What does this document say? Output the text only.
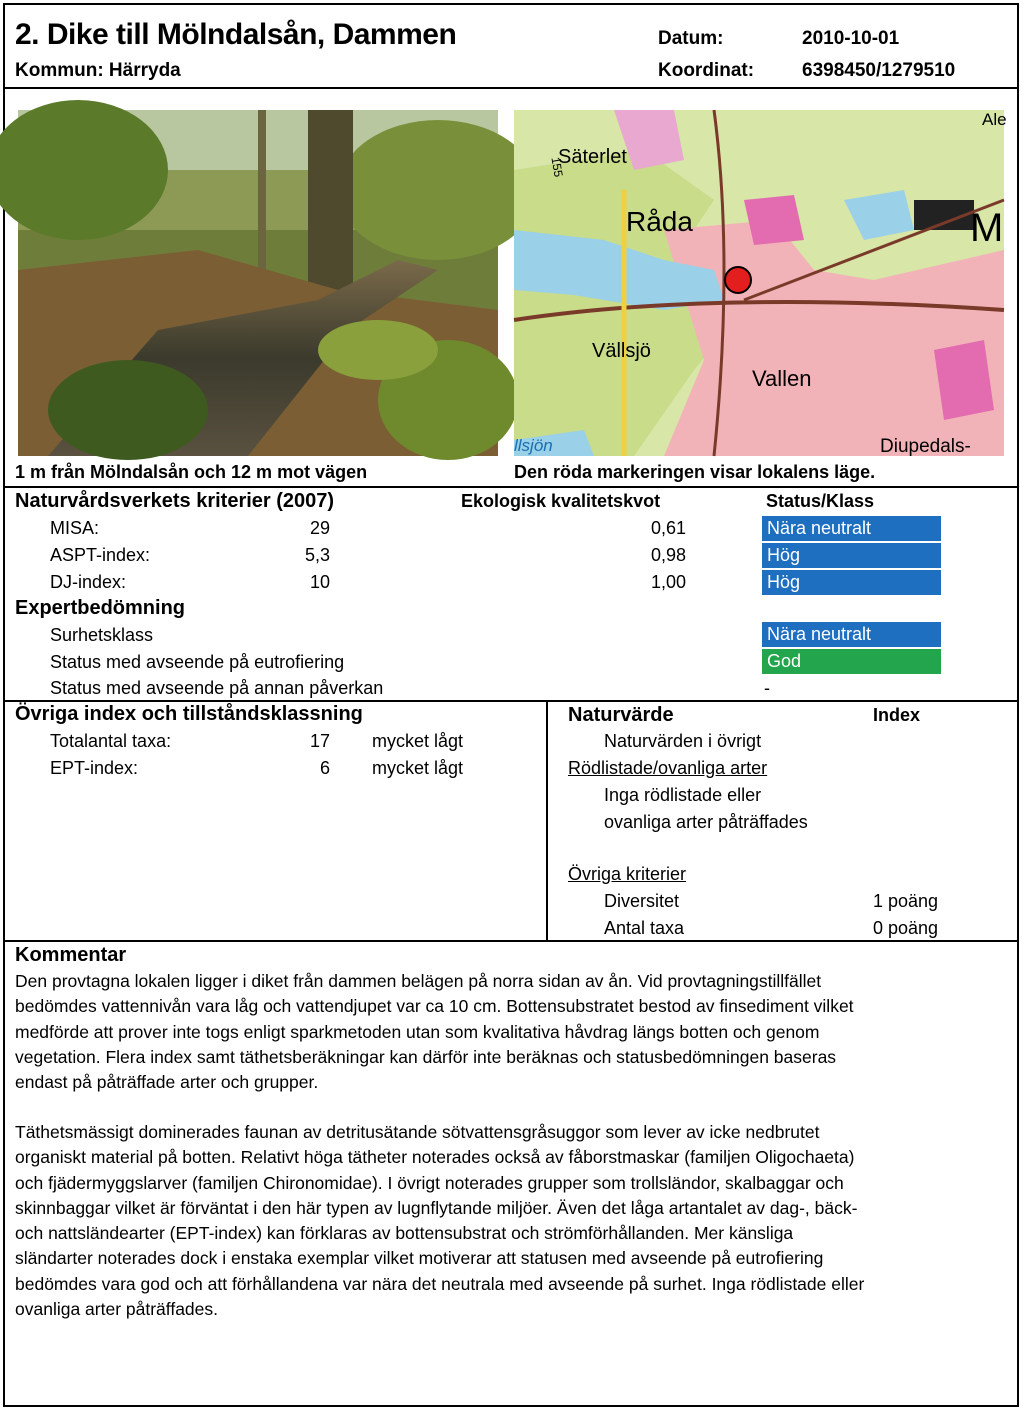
2. Dike till Mölndalsån, Dammen
Kommun: Härryda
Datum:	2010-10-01
Koordinat:	6398450/1279510
1 m från Mölndalsån och 12 m mot vägen
Säterlet
Råda
Vällsjö
Vallen
Diupedals-
llsjön
M
Ale
155
Den röda markeringen visar lokalens läge.
Naturvårdsverkets kriterier (2007)	Ekologisk kvalitetskvot	Status/Klass
MISA:	29	0,61	Nära neutralt
ASPT-index:	5,3	0,98	Hög
DJ-index:	10	1,00	Hög
Expertbedömning
Surhetsklass	Nära neutralt
Status med avseende på eutrofiering	God
Status med avseende på annan påverkan	-
Övriga index och tillståndsklassning
Totalantal taxa:	17 mycket lågt
EPT-index:	6 mycket lågt
Naturvärde	Index
Naturvärden i övrigt
Rödlistade/ovanliga arter
Inga rödlistade eller
ovanliga arter påträffades
Övriga kriterier
Diversitet	1 poäng
Antal taxa	0 poäng
Kommentar
Den provtagna lokalen ligger i diket från dammen belägen på norra sidan av ån. Vid provtagningstillfället
bedömdes vattennivån vara låg och vattendjupet var ca 10 cm. Bottensubstratet bestod av finsediment vilket
medförde att prover inte togs enligt sparkmetoden utan som kvalitativa håvdrag längs botten och genom
vegetation. Flera index samt täthetsberäkningar kan därför inte beräknas och statusbedömningen baseras
endast på påträffade arter och grupper.
Täthetsmässigt dominerades faunan av detritusätande sötvattensgråsuggor som lever av icke nedbrutet
organiskt material på botten. Relativt höga tätheter noterades också av fåborstmaskar (familjen Oligochaeta)
och fjädermyggslarver (familjen Chironomidae). I övrigt noterades grupper som trollsländor, skalbaggar och
skinnbaggar vilket är förväntat i den här typen av lugnflytande miljöer. Även det låga artantalet av dag-, bäck-
och nattsländearter (EPT-index) kan förklaras av bottensubstrat och strömförhållanden. Mer känsliga
sländarter noterades dock i enstaka exemplar vilket motiverar att statusen med avseende på eutrofiering
bedömdes vara god och att förhållandena var nära det neutrala med avseende på surhet. Inga rödlistade eller
ovanliga arter påträffades.
